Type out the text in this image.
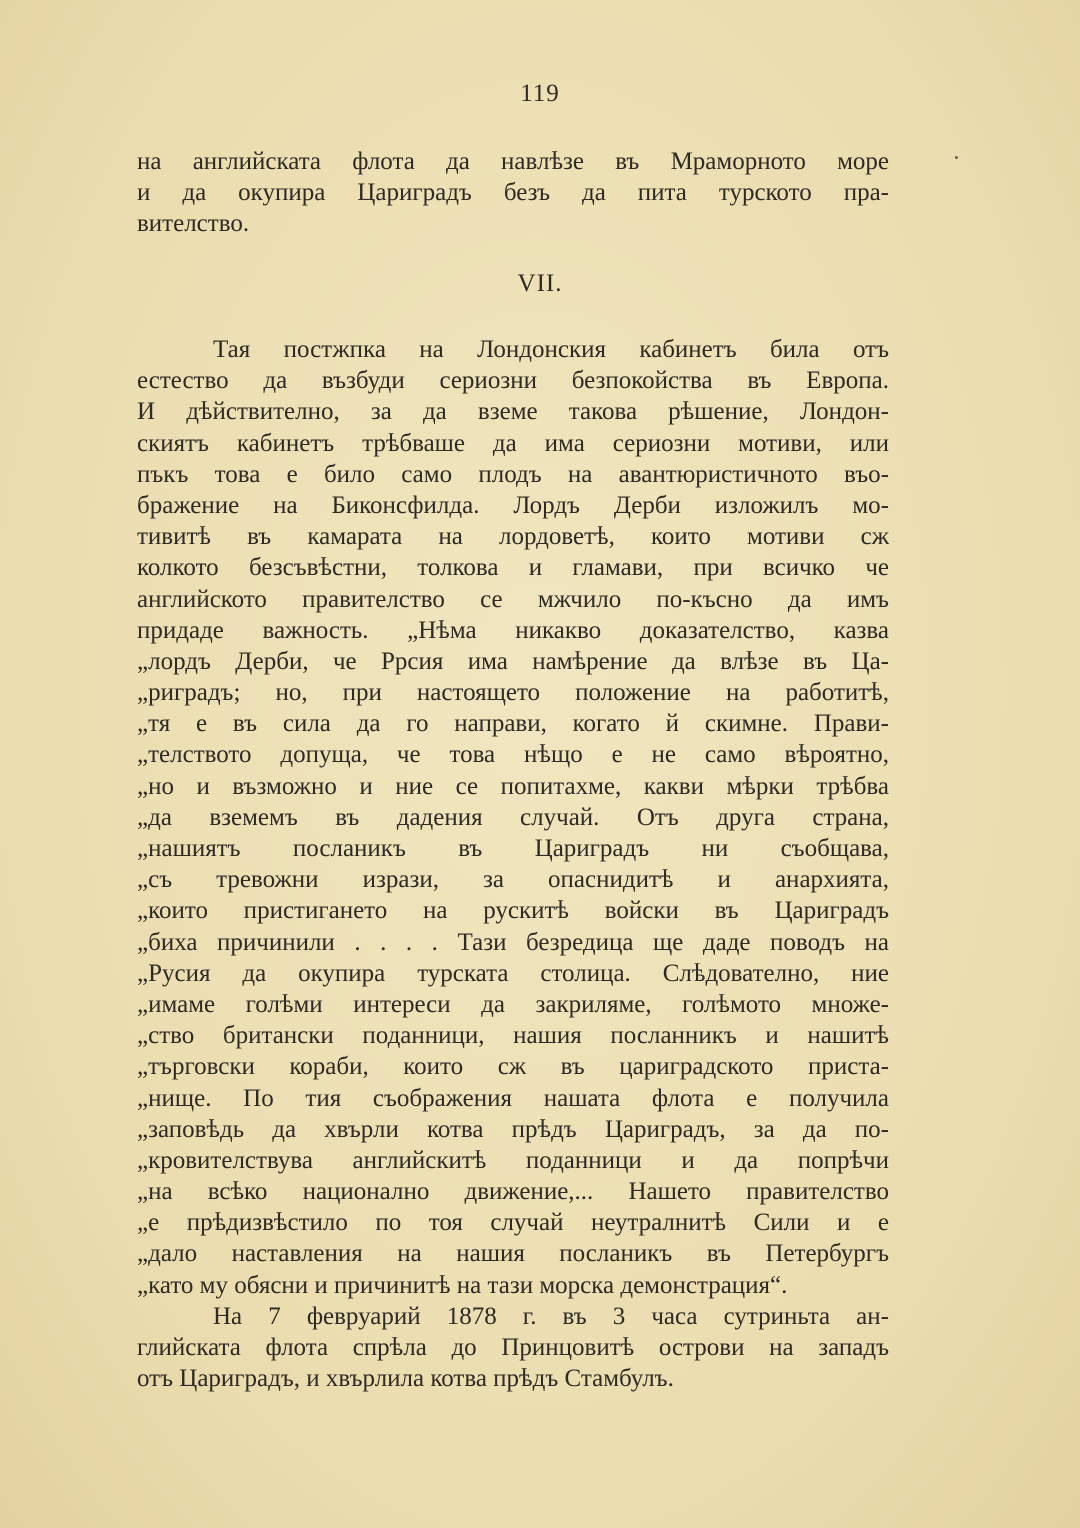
119
на английската флота да навлѣзе въ Мраморното море
и да окупира Цариградъ безъ да пита турското пра-
вителство.
VII.
Тая постжпка на Лондонския кабинетъ била отъ
естество да възбуди сериозни безпокойства въ Европа.
И дѣйствително, за да вземе такова рѣшение, Лондон-
скиятъ кабинетъ трѣбваше да има сериозни мотиви, или
пъкъ това е било само плодъ на авантюристичното въо-
бражение на Биконсфилда. Лордъ Дерби изложилъ мо-
тивитѣ въ камарата на лордоветѣ, които мотиви сж
колкото безсъвѣстни, толкова и гламави, при всичко че
английското правителство се мжчило по-късно да имъ
придаде важность. „Нѣма никакво доказателство, казва
„лордъ Дерби, че Ррсия има намѣрение да влѣзе въ Ца-
„риградъ; но, при настоящето положение на работитѣ,
„тя е въ сила да го направи, когато й скимне. Прави-
„телството допуща, че това нѣщо е не само вѣроятно,
„но и възможно и ние се попитахме, какви мѣрки трѣбва
„да вземемъ въ дадения случай. Отъ друга страна,
„нашиятъ посланикъ въ Цариградъ ни съобщава,
„съ тревожни изрази, за опаснидитѣ и анархията,
„които пристигането на рускитѣ войски въ Цариградъ
„биха причинили . . . . Тази безредица ще даде поводъ на
„Русия да окупира турската столица. Слѣдователно, ние
„имаме голѣми интереси да закриляме, голѣмото множе-
„ство британски поданници, нашия посланникъ и нашитѣ
„търговски кораби, които сж въ цариградското приста-
„нище. По тия съображения нашата флота е получила
„заповѣдь да хвърли котва прѣдъ Цариградъ, за да по-
„кровителствува английскитѣ поданници и да попрѣчи
„на всѣко национално движение,... Нашето правителство
„е прѣдизвѣстило по тоя случай неутралнитѣ Сили и е
„дало наставления на нашия посланикъ въ Петербургъ
„като му обясни и причинитѣ на тази морска демонстрация“.
На 7 февруарий 1878 г. въ 3 часа сутриньта ан-
глийската флота спрѣла до Принцовитѣ острови на западъ
отъ Цариградъ, и хвърлила котва прѣдъ Стамбулъ.
